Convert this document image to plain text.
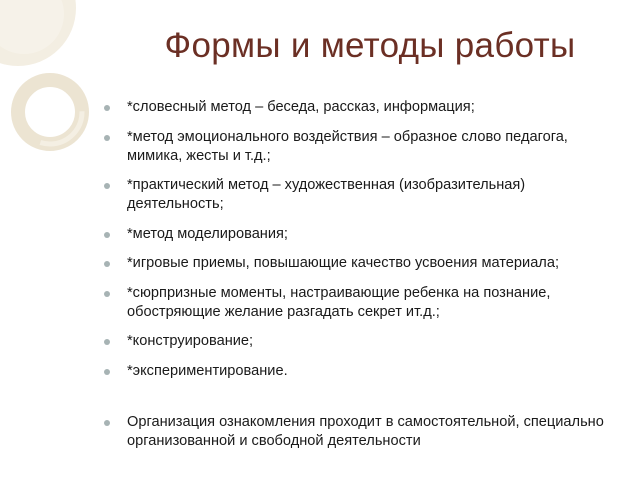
Формы и методы работы
*словесный метод – беседа, рассказ, информация;
*метод эмоционального воздействия – образное слово педагога, мимика, жесты и т.д.;
*практический метод – художественная (изобразительная) деятельность;
*метод моделирования;
*игровые приемы, повышающие качество усвоения материала;
*сюрпризные моменты, настраивающие ребенка на познание, обостряющие желание разгадать секрет ит.д.;
*конструирование;
*экспериментирование.
Организация ознакомления проходит в самостоятельной, специально организованной и свободной деятельности
